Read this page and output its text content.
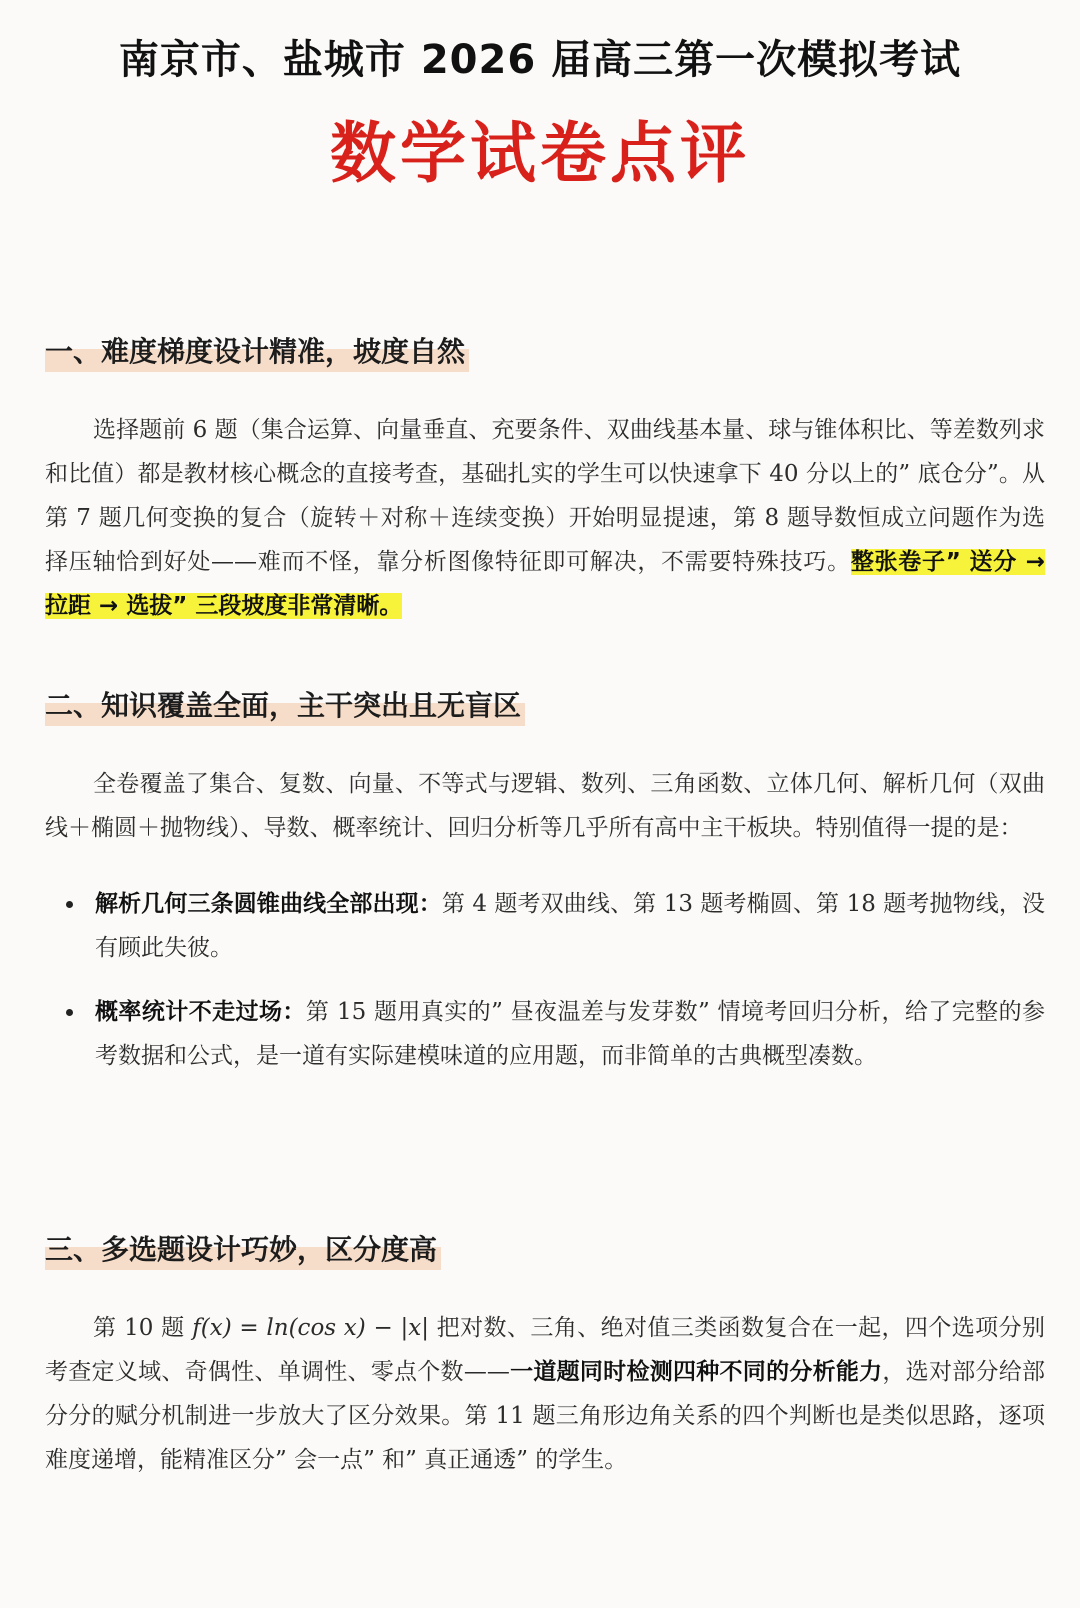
南京市、盐城市 2026 届高三第一次模拟考试
数学试卷点评
一、难度梯度设计精准，坡度自然

选择题前 6 题（集合运算、向量垂直、充要条件、双曲线基本量、球与锥体积比、等差数列求和比值）都是教材核心概念的直接考查，基础扎实的学生可以快速拿下 40 分以上的” 底仓分”。从第 7 题几何变换的复合（旋转＋对称＋连续变换）开始明显提速，第 8 题导数恒成立问题作为选择压轴恰到好处——难而不怪，靠分析图像特征即可解决，不需要特殊技巧。整张卷子” 送分 → 拉距 → 选拔” 三段坡度非常清晰。

二、知识覆盖全面，主干突出且无盲区

全卷覆盖了集合、复数、向量、不等式与逻辑、数列、三角函数、立体几何、解析几何（双曲线＋椭圆＋抛物线）、导数、概率统计、回归分析等几乎所有高中主干板块。特别值得一提的是：

解析几何三条圆锥曲线全部出现：第 4 题考双曲线、第 13 题考椭圆、第 18 题考抛物线，没有顾此失彼。
概率统计不走过场：第 15 题用真实的” 昼夜温差与发芽数” 情境考回归分析，给了完整的参考数据和公式，是一道有实际建模味道的应用题，而非简单的古典概型凑数。
三、多选题设计巧妙，区分度高

第 10 题 f(x) = ln(cos x) − |x| 把对数、三角、绝对值三类函数复合在一起，四个选项分别考查定义域、奇偶性、单调性、零点个数——一道题同时检测四种不同的分析能力，选对部分给部分分的赋分机制进一步放大了区分效果。第 11 题三角形边角关系的四个判断也是类似思路，逐项难度递增，能精准区分” 会一点” 和” 真正通透” 的学生。
